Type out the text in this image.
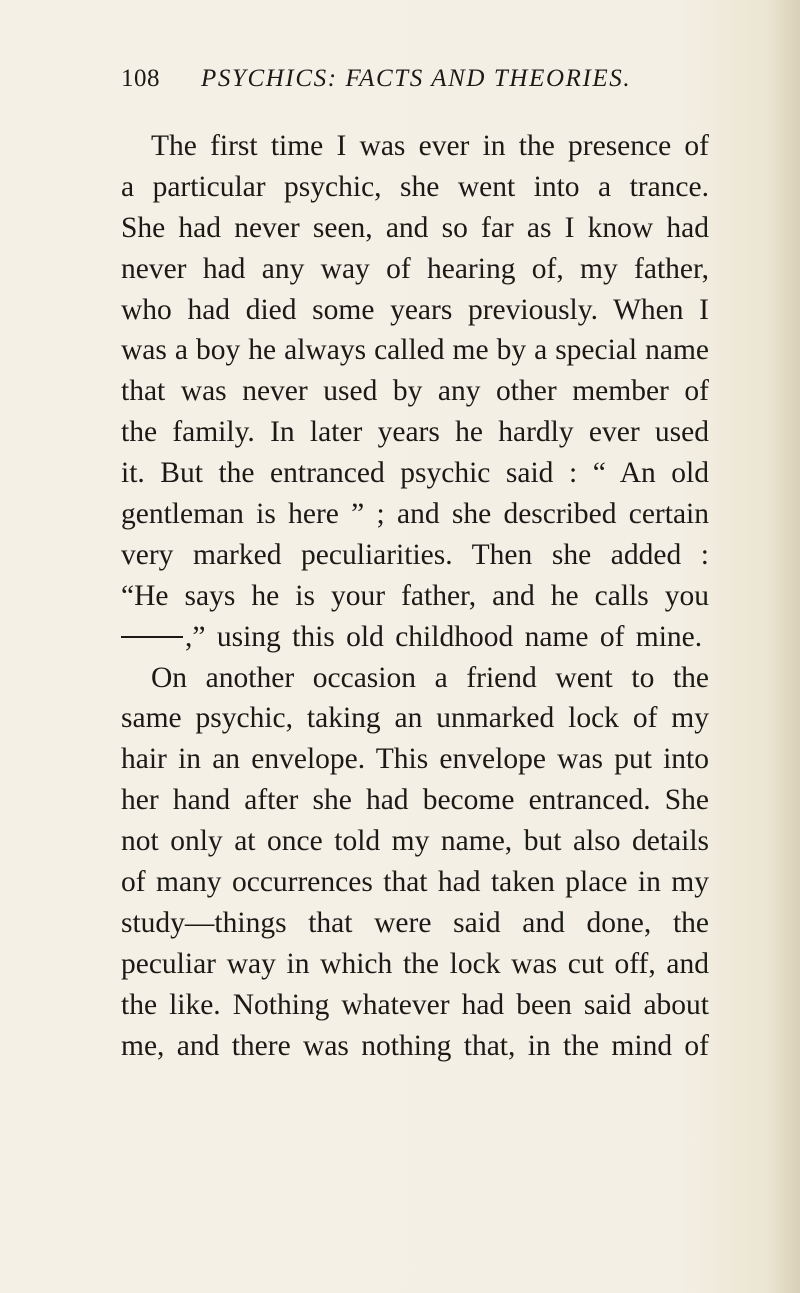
108 PSYCHICS: FACTS AND THEORIES.
The first time I was ever in the presence of
a particular psychic, she went into a trance.
She had never seen, and so far as I know had
never had any way of hearing of, my father,
who had died some years previously. When I
was a boy he always called me by a special name
that was never used by any other member of
the family. In later years he hardly ever used
it. But the entranced psychic said : “ An old
gentleman is here ” ; and she described certain
very marked peculiarities. Then she added :
“He says he is your father, and he calls you
,” using this old childhood name of mine.
On another occasion a friend went to the
same psychic, taking an unmarked lock of my
hair in an envelope. This envelope was put into
her hand after she had become entranced. She
not only at once told my name, but also details
of many occurrences that had taken place in my
study—things that were said and done, the
peculiar way in which the lock was cut off, and
the like. Nothing whatever had been said about
me, and there was nothing that, in the mind of
